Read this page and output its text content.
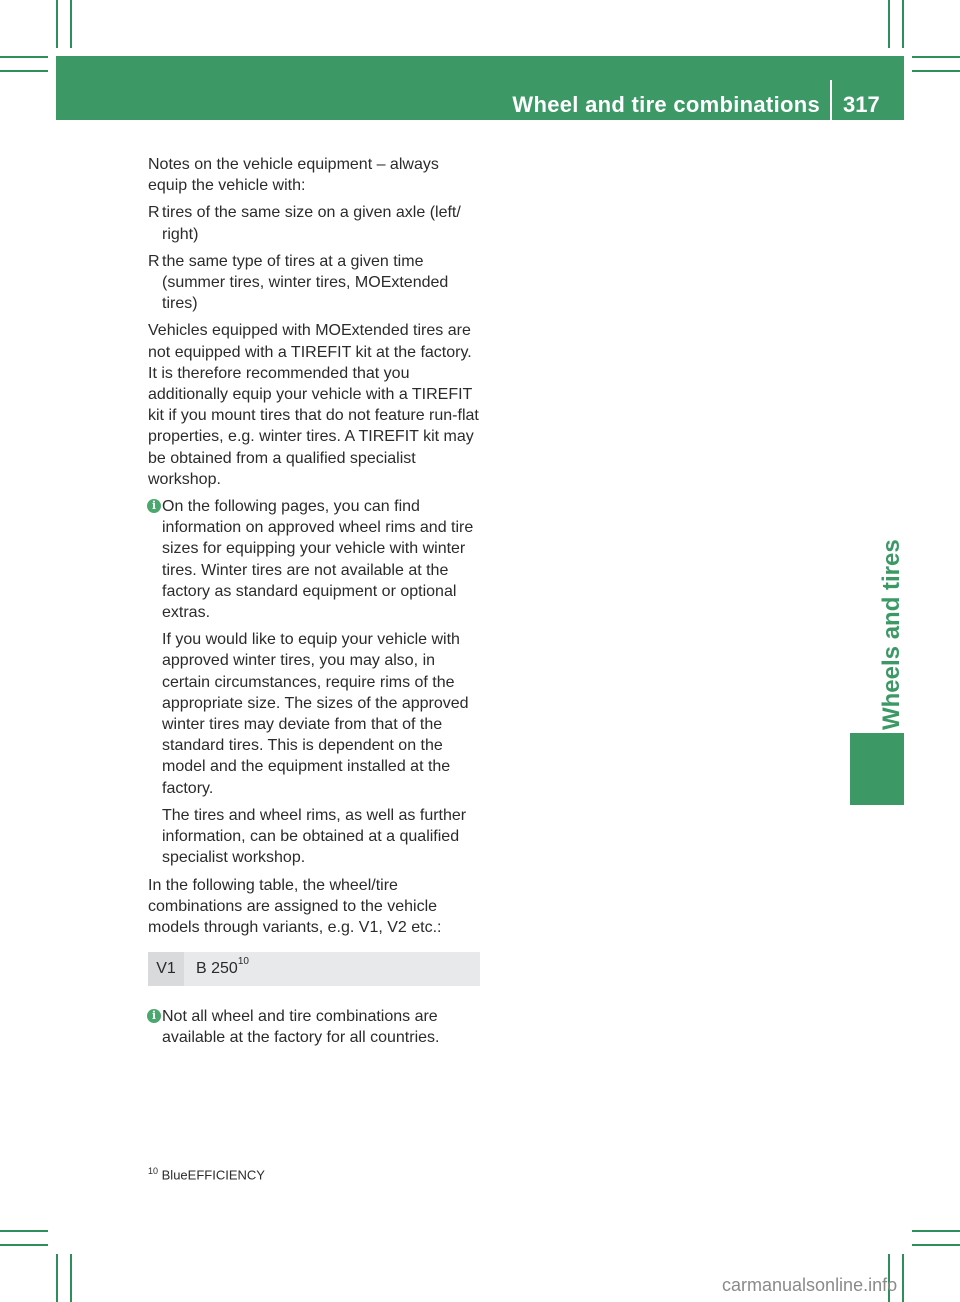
Wheel and tire combinations 317
Wheels and tires

Notes on the vehicle equipment – always equip the vehicle with:

R tires of the same size on a given axle (left/ right)
R the same type of tires at a given time (summer tires, winter tires, MOExtended tires)

Vehicles equipped with MOExtended tires are not equipped with a TIREFIT kit at the factory. It is therefore recommended that you additionally equip your vehicle with a TIREFIT kit if you mount tires that do not feature run-flat properties, e.g. winter tires. A TIREFIT kit may be obtained from a qualified specialist workshop.

i On the following pages, you can find information on approved wheel rims and tire sizes for equipping your vehicle with winter tires. Winter tires are not available at the factory as standard equipment or optional extras.

If you would like to equip your vehicle with approved winter tires, you may also, in certain circumstances, require rims of the appropriate size. The sizes of the approved winter tires may deviate from that of the standard tires. This is dependent on the model and the equipment installed at the factory.

The tires and wheel rims, as well as further information, can be obtained at a qualified specialist workshop.

In the following table, the wheel/tire combinations are assigned to the vehicle models through variants, e.g. V1, V2 etc.:

V1	B $250^{10}$
i Not all wheel and tire combinations are available at the factory for all countries.

$^{10}$ BlueEFFICIENCY
carmanualsonline.info
